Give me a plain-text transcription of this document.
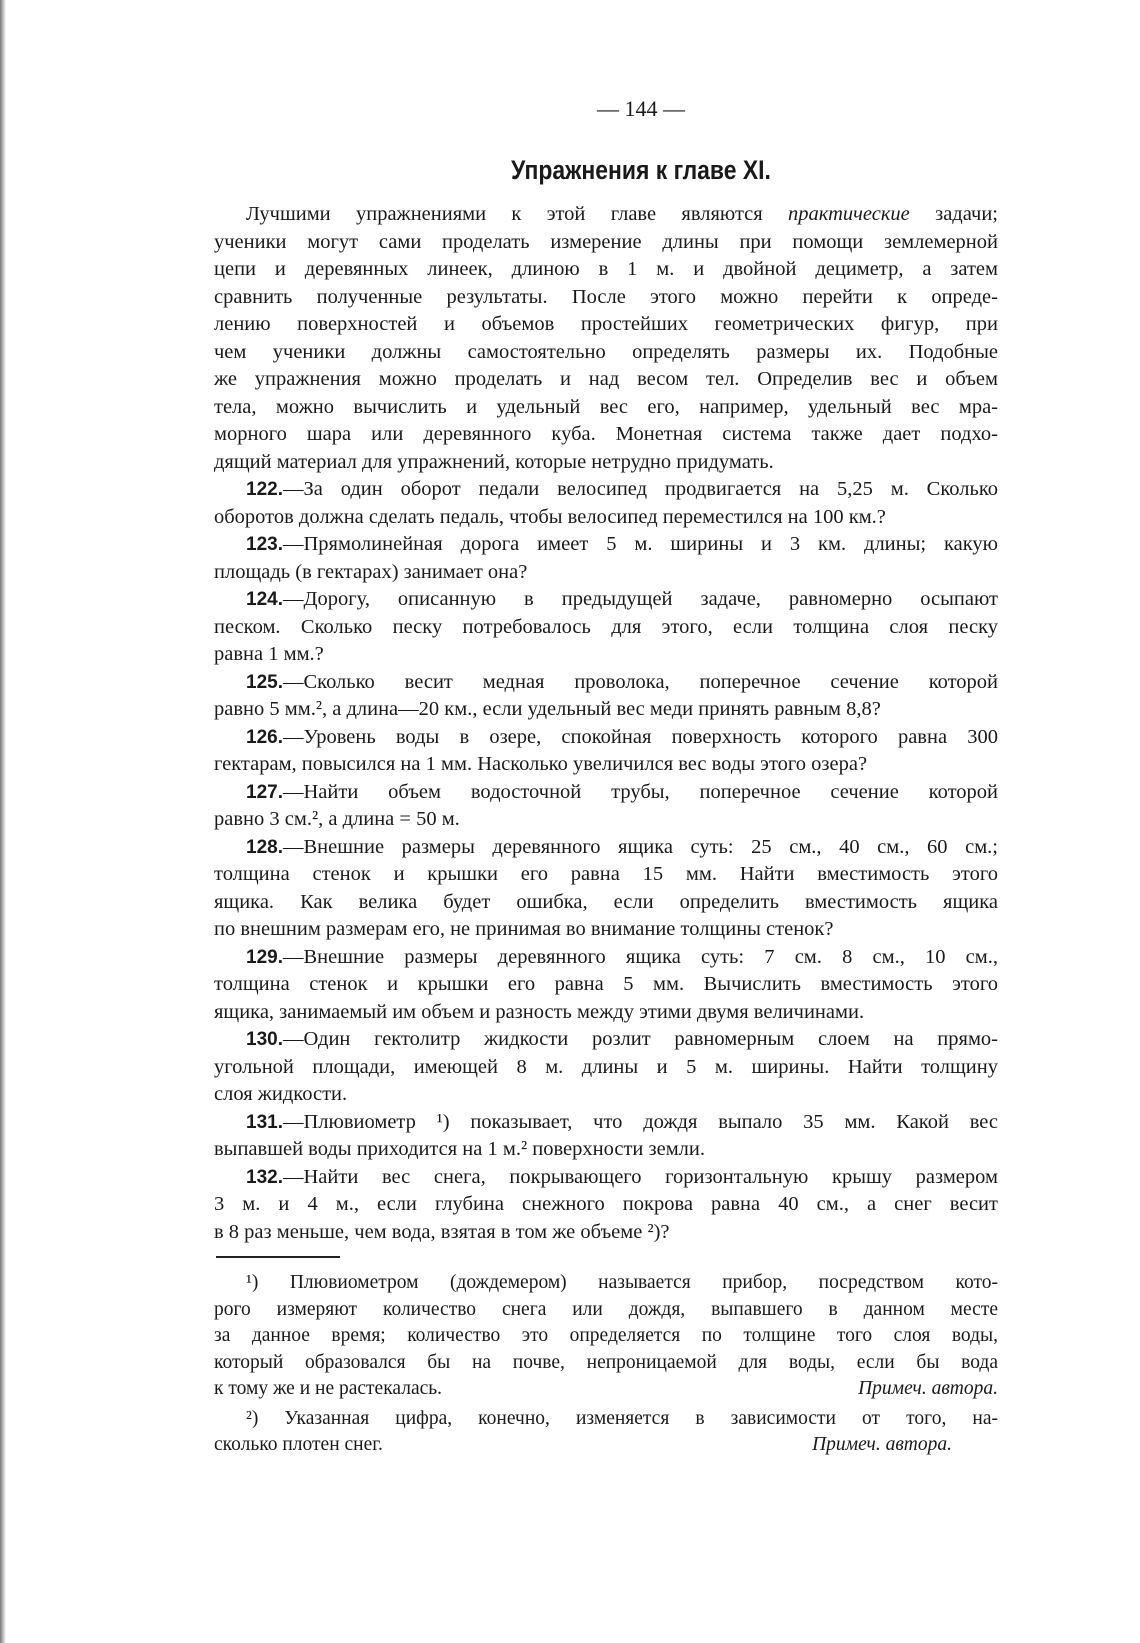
— 144 —
Упражнения к главе XI.
Лучшими упражнениями к этой главе являются практические задачи;
ученики могут сами проделать измерение длины при помощи землемерной
цепи и деревянных линеек, длиною в 1 м. и двойной дециметр, а затем
сравнить полученные результаты. После этого можно перейти к опреде-
лению поверхностей и объемов простейших геометрических фигур, при
чем ученики должны самостоятельно определять размеры их. Подобные
же упражнения можно проделать и над весом тел. Определив вес и объем
тела, можно вычислить и удельный вес его, например, удельный вес мра-
морного шара или деревянного куба. Монетная система также дает подхо-
дящий материал для упражнений, которые нетрудно придумать.
122.—За один оборот педали велосипед продвигается на 5,25 м. Сколько
оборотов должна сделать педаль, чтобы велосипед переместился на 100 км.?
123.—Прямолинейная дорога имеет 5 м. ширины и 3 км. длины; какую
площадь (в гектарах) занимает она?
124.—Дорогу, описанную в предыдущей задаче, равномерно осыпают
песком. Сколько песку потребовалось для этого, если толщина слоя песку
равна 1 мм.?
125.—Сколько весит медная проволока, поперечное сечение которой
равно 5 мм.², а длина—20 км., если удельный вес меди принять равным 8,8?
126.—Уровень воды в озере, спокойная поверхность которого равна 300
гектарам, повысился на 1 мм. Насколько увеличился вес воды этого озера?
127.—Найти объем водосточной трубы, поперечное сечение которой
равно 3 см.², а длина = 50 м.
128.—Внешние размеры деревянного ящика суть: 25 см., 40 см., 60 см.;
толщина стенок и крышки его равна 15 мм. Найти вместимость этого
ящика. Как велика будет ошибка, если определить вместимость ящика
по внешним размерам его, не принимая во внимание толщины стенок?
129.—Внешние размеры деревянного ящика суть: 7 см. 8 см., 10 см.,
толщина стенок и крышки его равна 5 мм. Вычислить вместимость этого
ящика, занимаемый им объем и разность между этими двумя величинами.
130.—Один гектолитр жидкости розлит равномерным слоем на прямо-
угольной площади, имеющей 8 м. длины и 5 м. ширины. Найти толщину
слоя жидкости.
131.—Плювиометр ¹) показывает, что дождя выпало 35 мм. Какой вес
выпавшей воды приходится на 1 м.² поверхности земли.
132.—Найти вес снега, покрывающего горизонтальную крышу размером
3 м. и 4 м., если глубина снежного покрова равна 40 см., а снег весит
в 8 раз меньше, чем вода, взятая в том же объеме ²)?
¹) Плювиометром (дождемером) называется прибор, посредством кото-
рого измеряют количество снега или дождя, выпавшего в данном месте
за данное время; количество это определяется по толщине того слоя воды,
который образовался бы на почве, непроницаемой для воды, если бы вода
к тому же и не растекалась.	Примеч. автора.
²) Указанная цифра, конечно, изменяется в зависимости от того, на-
сколько плотен снег.	Примеч. автора.
